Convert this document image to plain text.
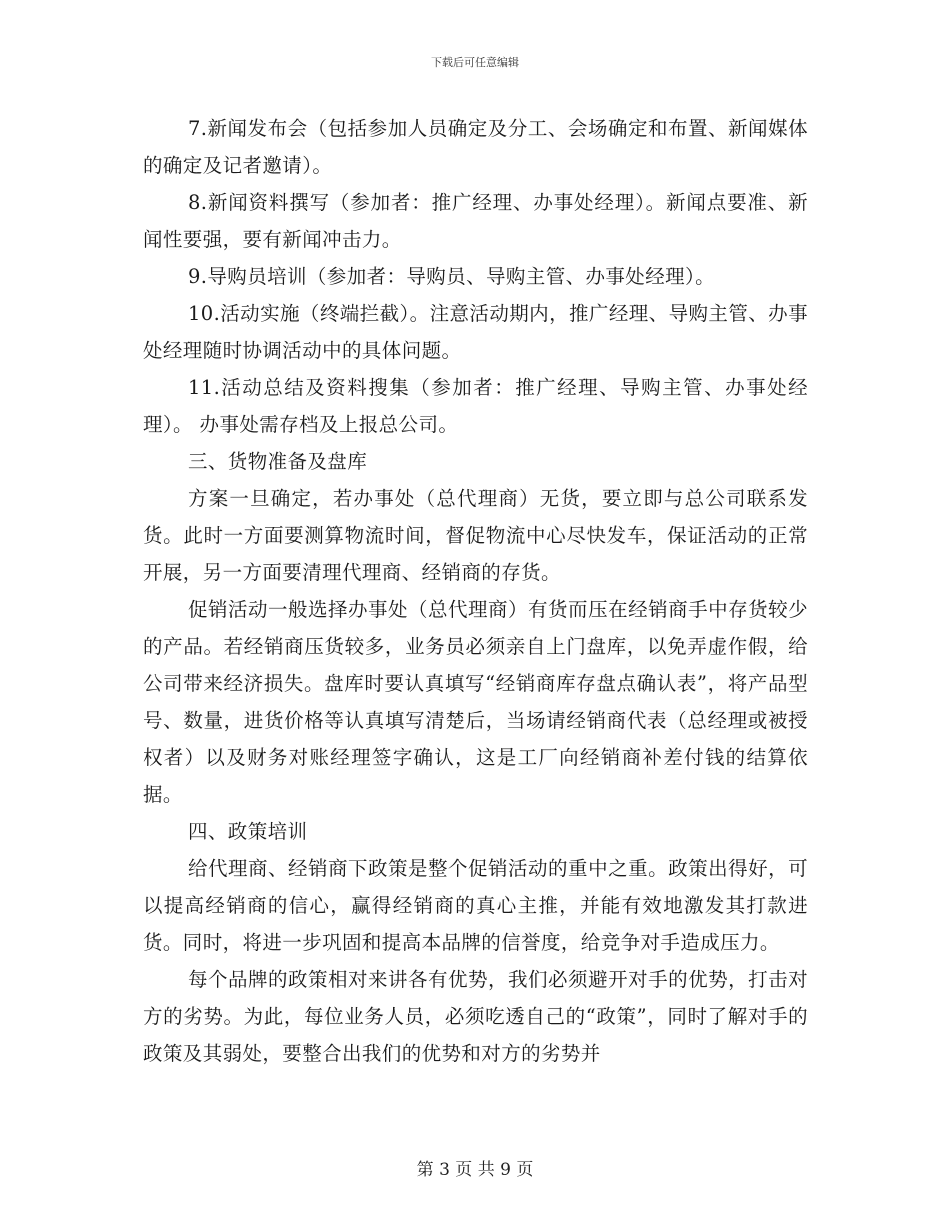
下载后可任意编辑

7.新闻发布会（包括参加人员确定及分工、会场确定和布置、新闻媒体的确定及记者邀请）。

8.新闻资料撰写（参加者：推广经理、办事处经理）。新闻点要准、新闻性要强，要有新闻冲击力。

9.导购员培训（参加者：导购员、导购主管、办事处经理）。

10.活动实施（终端拦截）。注意活动期内，推广经理、导购主管、办事处经理随时协调活动中的具体问题。

11.活动总结及资料搜集（参加者：推广经理、导购主管、办事处经理）。 办事处需存档及上报总公司。

三、货物准备及盘库

方案一旦确定，若办事处（总代理商）无货，要立即与总公司联系发货。此时一方面要测算物流时间，督促物流中心尽快发车，保证活动的正常开展，另一方面要清理代理商、经销商的存货。

促销活动一般选择办事处（总代理商）有货而压在经销商手中存货较少的产品。若经销商压货较多，业务员必须亲自上门盘库，以免弄虚作假，给公司带来经济损失。盘库时要认真填写“经销商库存盘点确认表”，将产品型号、数量，进货价格等认真填写清楚后，当场请经销商代表（总经理或被授权者）以及财务对账经理签字确认，这是工厂向经销商补差付钱的结算依据。

四、政策培训

给代理商、经销商下政策是整个促销活动的重中之重。政策出得好，可以提高经销商的信心，赢得经销商的真心主推，并能有效地激发其打款进货。同时，将进一步巩固和提高本品牌的信誉度，给竞争对手造成压力。

每个品牌的政策相对来讲各有优势，我们必须避开对手的优势，打击对方的劣势。为此，每位业务人员，必须吃透自己的“政策”，同时了解对手的政策及其弱处，要整合出我们的优势和对方的劣势并

第 3 页 共 9 页
